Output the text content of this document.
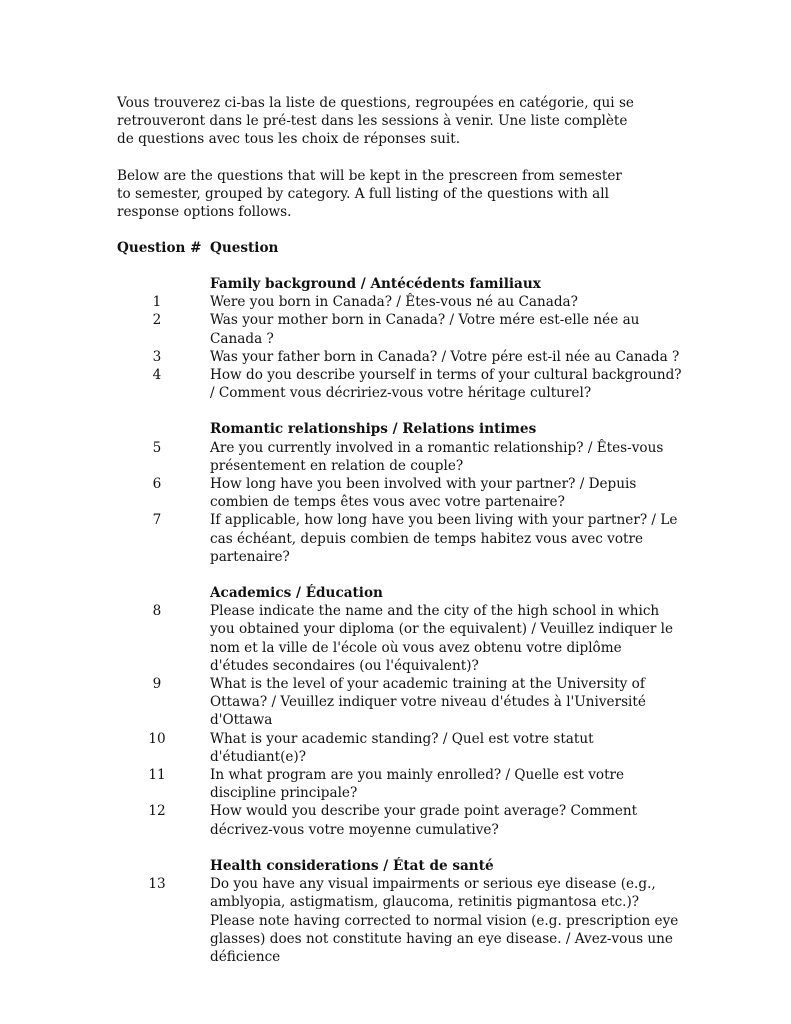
Vous trouverez ci-bas la liste de questions, regroupées en catégorie, qui se retrouveront dans le pré-test dans les sessions à venir. Une liste complète de questions avec tous les choix de réponses suit.

Below are the questions that will be kept in the prescreen from semester to semester, grouped by category. A full listing of the questions with all response options follows.

Question # Question
Family background / Antécédents familiaux
1	Were you born in Canada? / Êtes-vous né au Canada?
2	Was your mother born in Canada? / Votre mére est-elle née au Canada ?
3	Was your father born in Canada? / Votre pére est-il née au Canada ?
4	How do you describe yourself in terms of your cultural background? / Comment vous décririez-vous votre héritage culturel?
Romantic relationships / Relations intimes
5	Are you currently involved in a romantic relationship? / Êtes-vous présentement en relation de couple?
6	How long have you been involved with your partner? / Depuis combien de temps êtes vous avec votre partenaire?
7	If applicable, how long have you been living with your partner? / Le cas échéant, depuis combien de temps habitez vous avec votre partenaire?
Academics / Éducation
8	Please indicate the name and the city of the high school in which you obtained your diploma (or the equivalent) / Veuillez indiquer le nom et la ville de l'école où vous avez obtenu votre diplôme d'études secondaires (ou l'équivalent)?
9	What is the level of your academic training at the University of Ottawa? / Veuillez indiquer votre niveau d'études à l'Université d'Ottawa
10	What is your academic standing? / Quel est votre statut d'étudiant(e)?
11	In what program are you mainly enrolled? / Quelle est votre discipline principale?
12	How would you describe your grade point average? Comment décrivez-vous votre moyenne cumulative?
Health considerations / État de santé
13	Do you have any visual impairments or serious eye disease (e.g., amblyopia, astigmatism, glaucoma, retinitis pigmantosa etc.)? Please note having corrected to normal vision (e.g. prescription eye glasses) does not constitute having an eye disease. / Avez-vous une déficience
